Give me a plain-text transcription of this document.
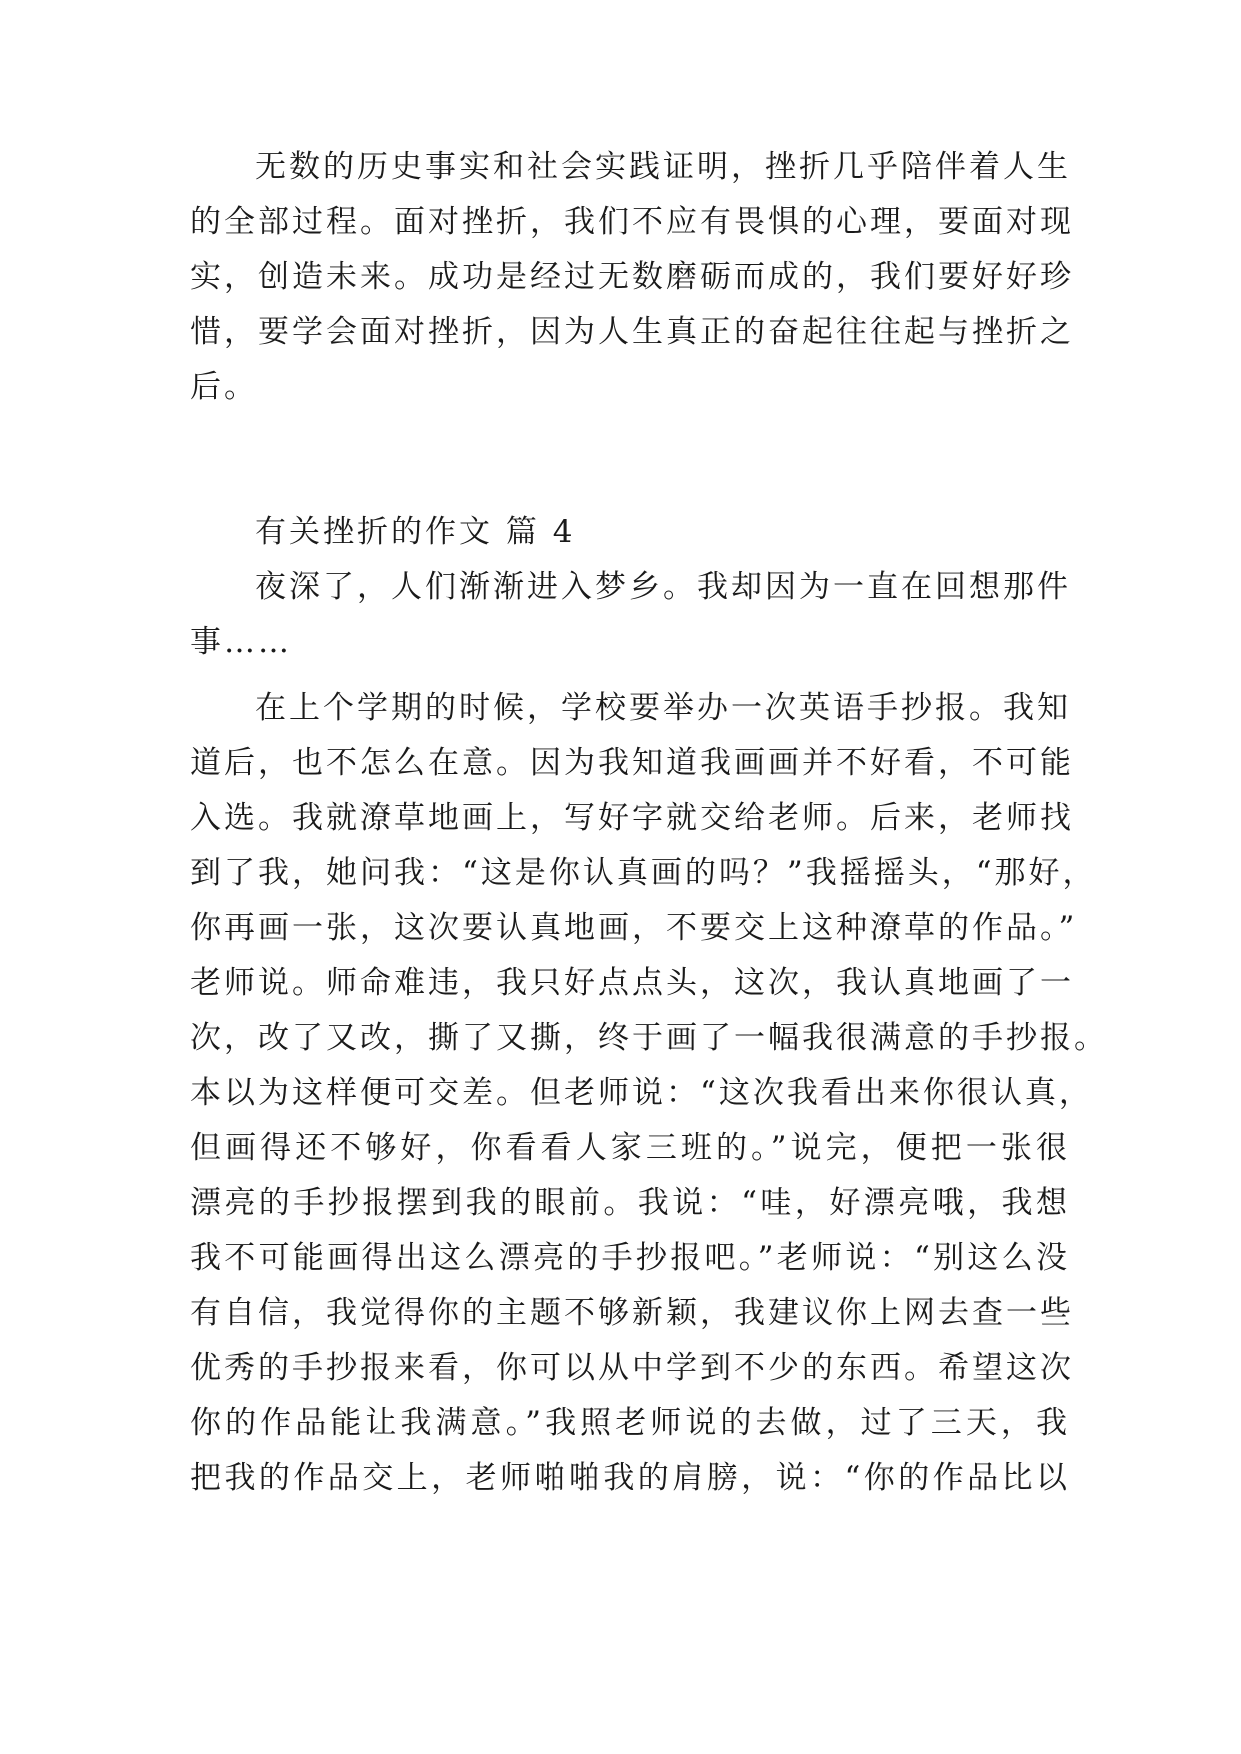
无数的历史事实和社会实践证明，挫折几乎陪伴着人生
的全部过程。面对挫折，我们不应有畏惧的心理，要面对现
实，创造未来。成功是经过无数磨砺而成的，我们要好好珍
惜，要学会面对挫折，因为人生真正的奋起往往起与挫折之
后。
有关挫折的作文 篇 4
夜深了，人们渐渐进入梦乡。我却因为一直在回想那件
事……
在上个学期的时候，学校要举办一次英语手抄报。我知
道后，也不怎么在意。因为我知道我画画并不好看，不可能
入选。我就潦草地画上，写好字就交给老师。后来，老师找
到了我，她问我：“这是你认真画的吗？”我摇摇头，“那好，
你再画一张，这次要认真地画，不要交上这种潦草的作品。”
老师说。师命难违，我只好点点头，这次，我认真地画了一
次，改了又改，撕了又撕，终于画了一幅我很满意的手抄报。
本以为这样便可交差。但老师说：“这次我看出来你很认真，
但画得还不够好，你看看人家三班的。”说完，便把一张很
漂亮的手抄报摆到我的眼前。我说：“哇，好漂亮哦，我想
我不可能画得出这么漂亮的手抄报吧。”老师说：“别这么没
有自信，我觉得你的主题不够新颖，我建议你上网去查一些
优秀的手抄报来看，你可以从中学到不少的东西。希望这次
你的作品能让我满意。”我照老师说的去做，过了三天，我
把我的作品交上，老师啪啪我的肩膀，说：“你的作品比以
